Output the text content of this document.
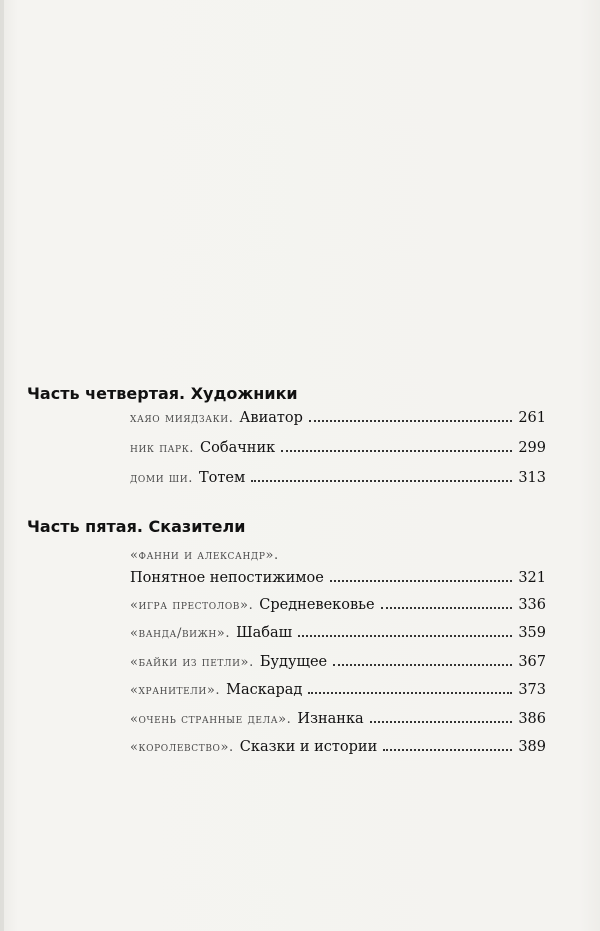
Часть четвертая. Художники
хаяо миядзаки. Авиатор	261
ник парк. Собачник	299
доми ши. Тотем	313
Часть пятая. Сказители
«фанни и александр».
Понятное непостижимое	321
«игра престолов». Средневековье	336
«ванда/вижн». Шабаш	359
«байки из петли». Будущее	367
«хранители». Маскарад	373
«очень странные дела». Изнанка	386
«королевство». Сказки и истории	389
